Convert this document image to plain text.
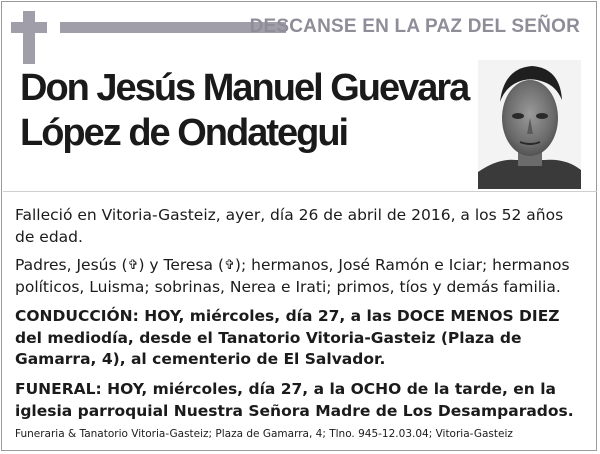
DESCANSE EN LA PAZ DEL SEÑOR
Don Jesús Manuel Guevara
López de Ondategui
Falleció en Vitoria-Gasteiz, ayer, día 26 de abril de 2016, a los 52 años de edad.
Padres, Jesús (✞) y Teresa (✞); hermanos, José Ramón e Iciar; hermanos políticos, Luisma; sobrinas, Nerea e Irati; primos, tíos y demás familia.
CONDUCCIÓN: HOY, miércoles, día 27, a las DOCE MENOS DIEZ del mediodía, desde el Tanatorio Vitoria-Gasteiz (Plaza de Gamarra, 4), al cementerio de El Salvador.
FUNERAL: HOY, miércoles, día 27, a la OCHO de la tarde, en la iglesia parroquial Nuestra Señora Madre de Los Desamparados.
Funeraria & Tanatorio Vitoria-Gasteiz; Plaza de Gamarra, 4; Tlno. 945-12.03.04; Vitoria-Gasteiz
